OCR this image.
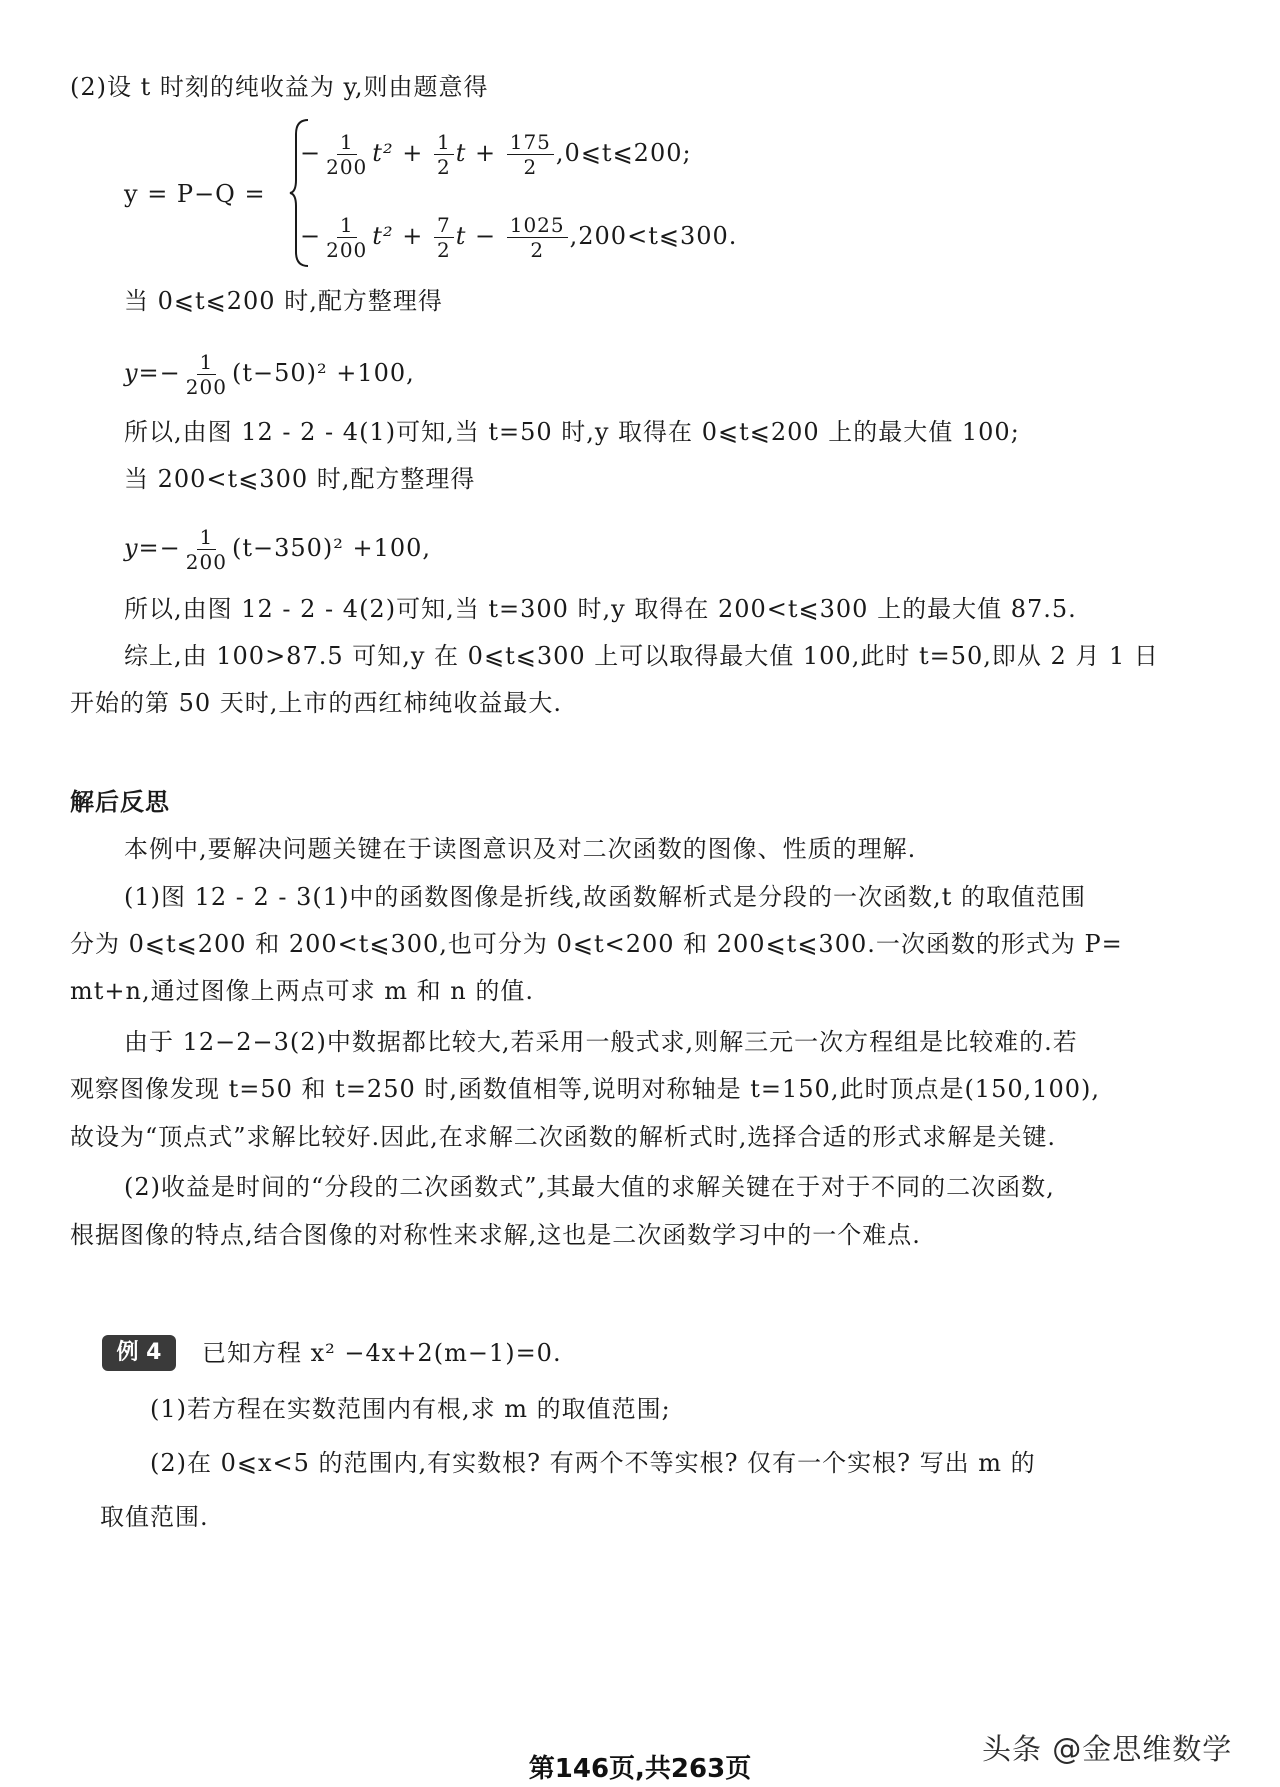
(2)设 t 时刻的纯收益为 y,则由题意得
y = P−Q =
− $\frac{1}{200} t^2 + \frac{1}{2}$ $t + \frac{175}{2}$ ,0⩽t⩽200;
− $\frac{1}{200} t^2 + \frac{7}{2}$ $t - \frac{1025}{2}$ ,200<t⩽300.
当 0⩽t⩽200 时,配方整理得
$y=- \frac{1}{200} (t-50)^2 +100$,
所以,由图 12 - 2 - 4(1)可知,当 t=50 时,y 取得在 0⩽t⩽200 上的最大值 100;
当 200<t⩽300 时,配方整理得
$y=- \frac{1}{200} (t-350)^2 +100$,
所以,由图 12 - 2 - 4(2)可知,当 t=300 时,y 取得在 200<t⩽300 上的最大值 87.5.
综上,由 100>87.5 可知,y 在 0⩽t⩽300 上可以取得最大值 100,此时 t=50,即从 2 月 1 日
开始的第 50 天时,上市的西红柿纯收益最大.
解后反思
本例中,要解决问题关键在于读图意识及对二次函数的图像、性质的理解.
(1)图 12 - 2 - 3(1)中的函数图像是折线,故函数解析式是分段的一次函数,t 的取值范围
分为 0⩽t⩽200 和 200<t⩽300,也可分为 0⩽t<200 和 200⩽t⩽300.一次函数的形式为 P=
mt+n,通过图像上两点可求 m 和 n 的值.
由于 12−2−3(2)中数据都比较大,若采用一般式求,则解三元一次方程组是比较难的.若
观察图像发现 t=50 和 t=250 时,函数值相等,说明对称轴是 t=150,此时顶点是(150,100),
故设为“顶点式”求解比较好.因此,在求解二次函数的解析式时,选择合适的形式求解是关键.
(2)收益是时间的“分段的二次函数式”,其最大值的求解关键在于对于不同的二次函数,
根据图像的特点,结合图像的对称性来求解,这也是二次函数学习中的一个难点.
例 4	已知方程 x² −4x+2(m−1)=0.
(1)若方程在实数范围内有根,求 m 的取值范围;
(2)在 0⩽x<5 的范围内,有实数根? 有两个不等实根? 仅有一个实根? 写出 m 的
取值范围.
头条 @金思维数学
第146页,共263页
